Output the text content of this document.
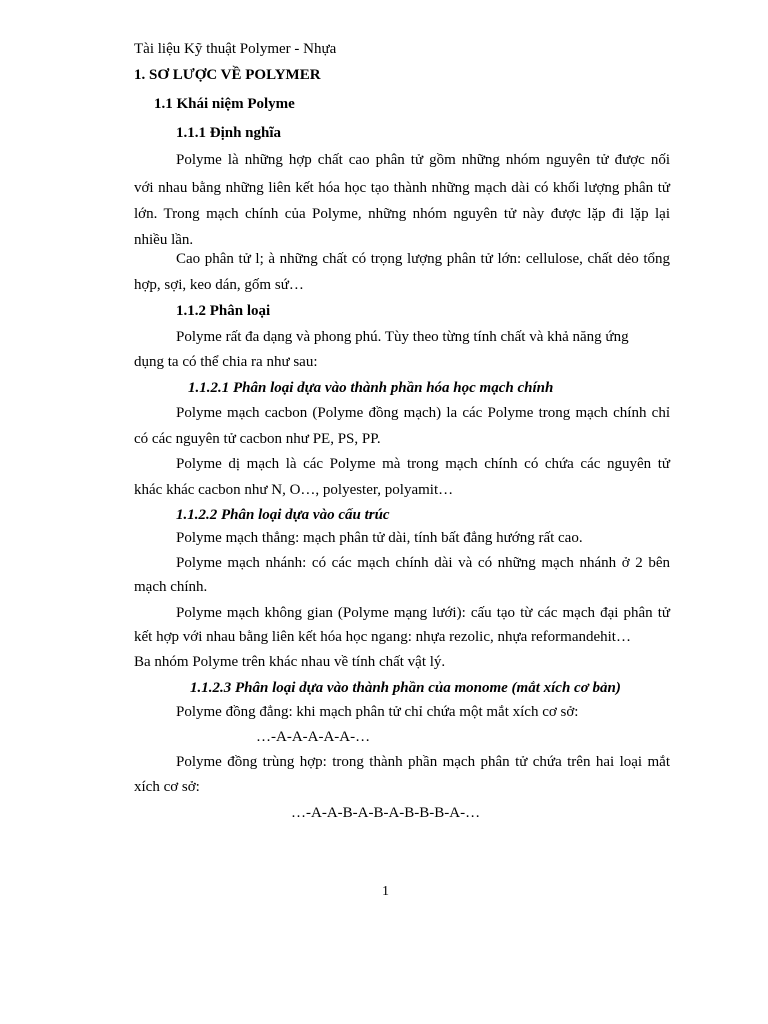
Tài liệu Kỹ thuật Polymer - Nhựa
1. SƠ LƯỢC VỀ POLYMER
1.1 Khái niệm Polyme
1.1.1 Định nghĩa
Polyme là những hợp chất cao phân tử gồm những nhóm nguyên tử được nối
với nhau bằng những liên kết hóa học tạo thành những mạch dài có khối lượng phân tử
lớn. Trong mạch chính của Polyme, những nhóm nguyên tử này được lặp đi lặp lại
nhiều lần.
Cao phân tử l; à những chất có trọng lượng phân tử lớn: cellulose, chất dẻo tổng
hợp, sợi, keo dán, gốm sứ…
1.1.2 Phân loại
Polyme rất đa dạng và phong phú. Tùy theo từng tính chất và khả năng ứng
dụng ta có thể chia ra như sau:
1.1.2.1 Phân loại dựa vào thành phần hóa học mạch chính
Polyme mạch cacbon (Polyme đồng mạch) la các Polyme trong mạch chính chỉ
có các nguyên tử cacbon như PE, PS, PP.
Polyme dị mạch là các Polyme mà trong mạch chính có chứa các nguyên tử
khác khác cacbon như N, O…, polyester, polyamit…
1.1.2.2 Phân loại dựa vào cấu trúc
Polyme mạch thẳng: mạch phân tử dài, tính bất đẳng hướng rất cao.
Polyme mạch nhánh: có các mạch chính dài và có những mạch nhánh ở 2 bên
mạch chính.
Polyme mạch không gian (Polyme mạng lưới): cấu tạo từ các mạch đại phân tử
kết hợp với nhau bằng liên kết hóa học ngang: nhựa rezolic, nhựa reformandehit…
Ba nhóm Polyme trên khác nhau về tính chất vật lý.
1.1.2.3 Phân loại dựa vào thành phần của monome (mắt xích cơ bản)
Polyme đồng đẳng: khi mạch phân tử chỉ chứa một mắt xích cơ sở:
…-A-A-A-A-A-…
Polyme đồng trùng hợp: trong thành phần mạch phân tử chứa trên hai loại mắt
xích cơ sở:
…-A-A-B-A-B-A-B-B-B-A-…
1
